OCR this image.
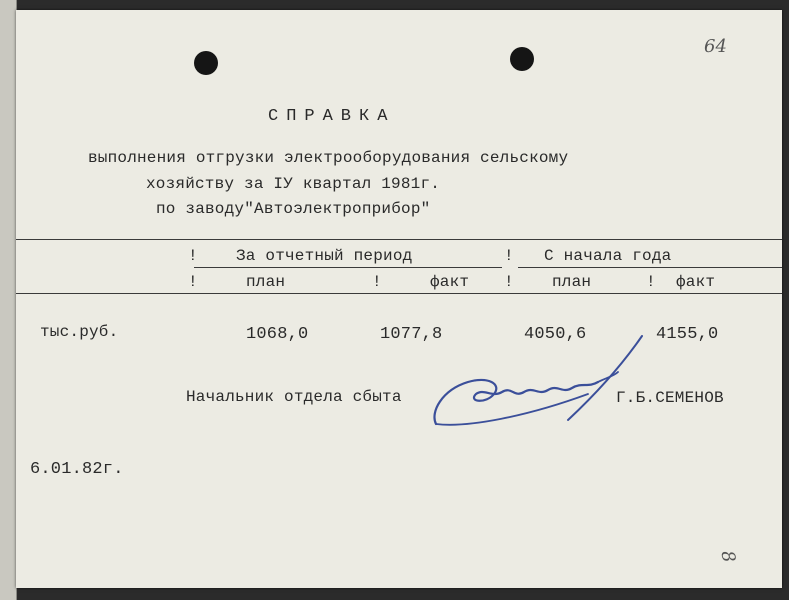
64
8
СПРАВКА
выполнения отгрузки электрооборудования сельскому
хозяйству за IУ квартал 1981г.
по заводу"Автоэлектроприбор"
! За отчетный период	! С начала года
!	план	!	факт ! план	! факт
тыс.руб.	1068,0	1077,8	4050,6	4155,0
Начальник отдела сбыта	Г.Б.СЕМЕНОВ
6.01.82г.
